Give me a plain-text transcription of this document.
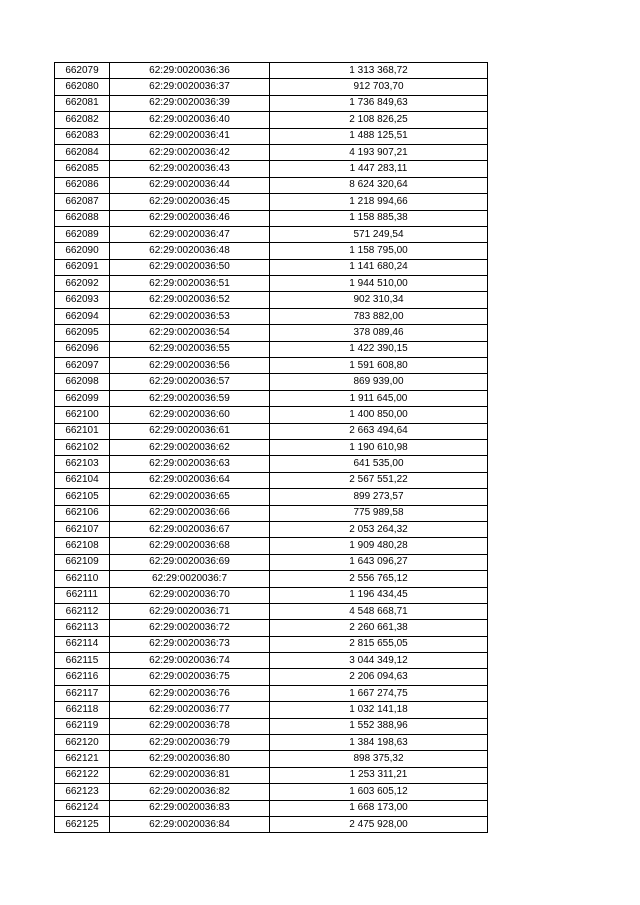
662079	62:29:0020036:36	1 313 368,72
662080	62:29:0020036:37	912 703,70
662081	62:29:0020036:39	1 736 849,63
662082	62:29:0020036:40	2 108 826,25
662083	62:29:0020036:41	1 488 125,51
662084	62:29:0020036:42	4 193 907,21
662085	62:29:0020036:43	1 447 283,11
662086	62:29:0020036:44	8 624 320,64
662087	62:29:0020036:45	1 218 994,66
662088	62:29:0020036:46	1 158 885,38
662089	62:29:0020036:47	571 249,54
662090	62:29:0020036:48	1 158 795,00
662091	62:29:0020036:50	1 141 680,24
662092	62:29:0020036:51	1 944 510,00
662093	62:29:0020036:52	902 310,34
662094	62:29:0020036:53	783 882,00
662095	62:29:0020036:54	378 089,46
662096	62:29:0020036:55	1 422 390,15
662097	62:29:0020036:56	1 591 608,80
662098	62:29:0020036:57	869 939,00
662099	62:29:0020036:59	1 911 645,00
662100	62:29:0020036:60	1 400 850,00
662101	62:29:0020036:61	2 663 494,64
662102	62:29:0020036:62	1 190 610,98
662103	62:29:0020036:63	641 535,00
662104	62:29:0020036:64	2 567 551,22
662105	62:29:0020036:65	899 273,57
662106	62:29:0020036:66	775 989,58
662107	62:29:0020036:67	2 053 264,32
662108	62:29:0020036:68	1 909 480,28
662109	62:29:0020036:69	1 643 096,27
662110	62:29:0020036:7	2 556 765,12
662111	62:29:0020036:70	1 196 434,45
662112	62:29:0020036:71	4 548 668,71
662113	62:29:0020036:72	2 260 661,38
662114	62:29:0020036:73	2 815 655,05
662115	62:29:0020036:74	3 044 349,12
662116	62:29:0020036:75	2 206 094,63
662117	62:29:0020036:76	1 667 274,75
662118	62:29:0020036:77	1 032 141,18
662119	62:29:0020036:78	1 552 388,96
662120	62:29:0020036:79	1 384 198,63
662121	62:29:0020036:80	898 375,32
662122	62:29:0020036:81	1 253 311,21
662123	62:29:0020036:82	1 603 605,12
662124	62:29:0020036:83	1 668 173,00
662125	62:29:0020036:84	2 475 928,00
